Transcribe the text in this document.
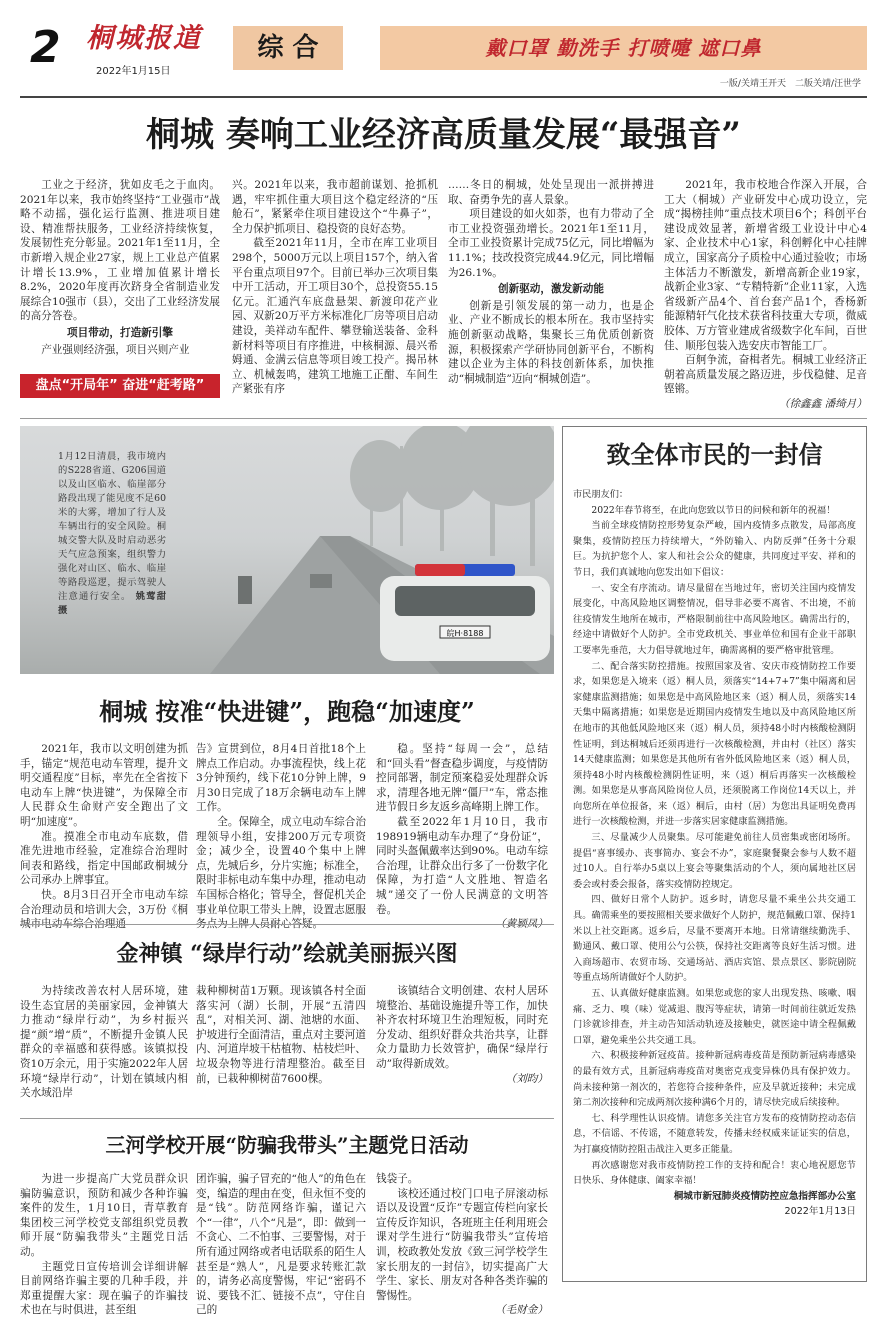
2 桐城报道
2022年1月15日
综 合	戴口罩 勤洗手 打喷嚏 遮口鼻
一版/关靖王开天　二版关靖/汪世学
桐城 奏响工业经济高质量发展“最强音”

工业之于经济，犹如皮毛之于血肉。2021年以来，我市始终坚持“工业强市”战略不动摇，强化运行监测、推进项目建设、精准帮扶服务，工业经济持续恢复，发展韧性充分彰显。2021年1至11月，全市新增入规企业27家，规上工业总产值累计增长13.9%，工业增加值累计增长8.2%，2020年度再次跻身全省制造业发展综合10强市（县），交出了工业经济发展的高分答卷。

项目带动，打造新引擎

产业强则经济强，项目兴则产业

盘点“开局年” 奋进“赶考路”

兴。2021年以来，我市超前谋划、抢抓机遇，牢牢抓住重大项目这个稳定经济的“压舱石”，紧紧牵住项目建设这个“牛鼻子”，全力保护抓项目、稳投资的良好态势。

截至2021年11月，全市在库工业项目298个，5000万元以上项目157个，纳入省平台重点项目97个。目前已举办三次项目集中开工活动，开工项目30个，总投资55.15亿元。汇通汽车底盘悬架、新渡印花产业园、双新20万平方米标准化厂房等项目启动建设，美祥动车配件、攀登输送装备、金科新材料等项目有序推进，中核桐源、晨兴希姆通、金满云信息等项目竣工投产。揭吊林立、机械轰鸣，建筑工地施工正酣、车间生产紧张有序

……冬日的桐城，处处呈现出一派拼搏进取、奋勇争先的喜人景象。

项目建设的如火如荼，也有力带动了全市工业投资强劲增长。2021年1至11月，全市工业投资累计完成75亿元，同比增幅为11.1%；技改投资完成44.9亿元，同比增幅为26.1%。

创新驱动，激发新动能

创新是引领发展的第一动力，也是企业、产业不断成长的根本所在。我市坚持实施创新驱动战略，集聚长三角优质创新资源，积极探索产学研协同创新平台，不断构建以企业为主体的科技创新体系，加快推动“桐城制造”迈向“桐城创造”。

2021年，我市校地合作深入开展，合工大（桐城）产业研发中心成功设立，完成“揭榜挂帅”重点技术项目6个；科创平台建设成效显著，新增省级工业设计中心4家、企业技术中心1家，科创孵化中心挂牌成立，国家高分子质检中心通过验收；市场主体活力不断激发，新增高新企业19家，战新企业3家、“专精特新”企业11家，入选省级新产品4个、首台套产品1个，香杨新能源精轩气化技术获省科技重大专项，微威胶体、万方管业建成省级数字化车间，百世佳、顺彤包装入选安庆市智能工厂。

百舸争流，奋楫者先。桐城工业经济正朝着高质量发展之路迈进，步伐稳健、足音铿锵。

（徐鑫鑫 潘绮月）

皖H·8188
1月12日清晨，我市境内的S228省道、G206国道以及山区临水、临崖部分路段出现了能见度不足60米的大雾，增加了行人及车辆出行的安全风险。桐城交警大队及时启动恶劣天气应急预案，组织警力强化对山区、临水、临崖等路段巡逻，提示驾驶人注意通行安全。 姚莺甜 摄
桐城 按准“快进键”，跑稳“加速度”

2021年，我市以文明创建为抓手，锚定“规范电动车管理，提升文明交通程度”目标，率先在全省按下电动车上牌“快进键”，为保障全市人民群众生命财产安全跑出了文明“加速度”。

准。摸准全市电动车底数，借准先进地市经验，定准综合治理时间表和路线，指定中国邮政桐城分公司承办上牌事宜。

快。8月3日召开全市电动车综合治理动员和培训大会，3万份《桐城市电动车综合治理通

告》宣贯到位，8月4日首批18个上牌点工作启动。办事流程快，线上花3分钟预约，线下花10分钟上牌，9月30日完成了18万余辆电动车上牌工作。

全。保障全，成立电动车综合治理领导小组，安排200万元专项资金；减少全，设置40个集中上牌点，先城后乡，分片实施；标准全，限时非标电动车集中办理，推动电动车国标合格化；管导全，督促机关企事业单位职工带头上牌，设置志愿服务点为上牌人员耐心答疑。

稳。坚持“每周一会”，总结和“回头看”督查稳步调度，与疫情防控同部署，制定预案稳妥处理群众诉求，清理各地无牌“僵尸”车，常态推进节假日乡友返乡高峰期上牌工作。

截至2022年1月10日，我市198919辆电动车办理了“身份证”，同时头盔佩戴率达到90%。电动车综合治理，让群众出行多了一份数字化保障，为打造“人文胜地、智造名城”递交了一份人民满意的文明答卷。

（黄颖凤）

致全体市民的一封信

市民朋友们：

2022年春节将至，在此向您致以节日的问候和新年的祝福！

当前全球疫情防控形势复杂严峻，国内疫情多点散发，局部高度聚集，疫情防控压力持续增大，“外防输入、内防反弹”任务十分艰巨。为抗护您个人、家人和社会公众的健康，共同度过平安、祥和的节日，我们真诚地向您发出如下倡议：

一、安全有序流动。请尽量留在当地过年，密切关注国内疫情发展变化，中高风险地区调整情况，倡导非必要不离省、不出境，不前往疫情发生地所在城市，严格限制前往中高风险地区。确需出行的，经途中请做好个人防护。全市党政机关、事业单位和国有企业干部职工要率先垂范，大力倡导就地过年，确需离桐的要严格审批管理。

二、配合落实防控措施。按照国家及省、安庆市疫情防控工作要求，如果您是入境来（返）桐人员，须落实“14+7+7”集中隔离和居家健康监测措施；如果您是中高风险地区来（返）桐人员，须落实14天集中隔离措施；如果您是近期国内疫情发生地以及中高风险地区所在地市的其他低风险地区来（返）桐人员，须持48小时内核酸检测阴性证明，到达桐城后还须再进行一次核酸检测，并由村（社区）落实14天健康监测；如果您是其他所有省外低风险地区来（返）桐人员，须持48小时内核酸检测阴性证明，来（返）桐后再落实一次核酸检测。如果您是从事高风险岗位人员，还须脱离工作岗位14天以上，并向您所在单位报备，来（返）桐后，由村（居）为您出具证明免费再进行一次核酸检测，并进一步落实居家健康监测措施。

三、尽量减少人员聚集。尽可能避免前往人员密集或密闭场所。提倡“喜事缓办、丧事简办、宴会不办”，家庭聚餐聚会参与人数不超过10人。自行举办5桌以上宴会等聚集活动的个人，须向属地社区居委会或村委会报备，落实疫情防控规定。

四、做好日常个人防护。返乡时，请您尽量不乘坐公共交通工具。确需乘坐的要按照相关要求做好个人防护，规范佩戴口罩、保持1米以上社交距离。返乡后，尽量不要离开本地。日常请继续勤洗手、勤通风、戴口罩、使用公勺公筷，保持社交距离等良好生活习惯。进入商场超市、农贸市场、交通场站、酒店宾馆、景点景区、影院剧院等重点场所请做好个人防护。

五、认真做好健康监测。如果您或您的家人出现发热、咳嗽、咽痛、乏力、嗅（味）觉减退、腹泻等症状，请第一时间前往就近发热门诊就诊排查，并主动告知活动轨迹及接触史，就医途中请全程佩戴口罩，避免乘坐公共交通工具。

六、积极接种新冠疫苗。接种新冠病毒疫苗是预防新冠病毒感染的最有效方式，且新冠病毒疫苗对奥密克戎变异株仍具有保护效力。尚未接种第一剂次的，若您符合接种条件，应及早就近接种；未完成第二剂次接种和完成两剂次接种满6个月的，请尽快完成后续接种。

七、科学理性认识疫情。请您多关注官方发布的疫情防控动态信息，不信谣、不传谣，不随意转发，传播未经权威来证证实的信息，为打赢疫情防控阻击战注入更多正能量。

再次感谢您对我市疫情防控工作的支持和配合！衷心地祝愿您节日快乐、身体健康、阖家幸福！

桐城市新冠肺炎疫情防控应急指挥部办公室

2022年1月13日

金神镇 “绿岸行动”绘就美丽振兴图

为持续改善农村人居环境，建设生态宜居的美丽家园，金神镇大力推动“绿岸行动”，为乡村振兴提“颜”增“质”，不断提升金镇人民群众的幸福感和获得感。该镇拟投资10万余元，用于实施2022年人居环境“绿岸行动”，计划在镇域内相关水域沿岸

栽种柳树苗1万颗。现该镇各村全面落实河（湖）长制，开展“五清四乱”，对相关河、湖、池塘的水面、护坡进行全面清洁，重点对主要河道内、河道岸坡干枯植物、枯枝烂叶、垃圾杂物等进行清理整治。截至目前，已栽种柳树苗7600棵。

该镇结合文明创建、农村人居环境整治、基础设施提升等工作，加快补齐农村环境卫生治理短板，同时充分发动、组织好群众共治共享，让群众力量助力长效管护，确保“绿岸行动”取得新成效。

（刘昀）

三河学校开展“防骗我带头”主题党日活动

为进一步提高广大党员群众识骗防骗意识，预防和减少各种诈骗案件的发生，1月10日，青草教育集团校三河学校党支部组织党员教师开展“防骗我带头”主题党日活动。

主题党日宣传培训会详细讲解目前网络诈骗主要的几种手段，并郑重提醒大家：现在骗子的诈骗技术也在与时俱进，甚至组

团诈骗，骗子冒充的“他人”的角色在变，编造的理由在变，但永恒不变的是“钱”。防范网络诈骗，谨记六个“一律”，八个“凡是”，即：做到一不贪心、二不怕事、三要警惕，对于所有通过网络或者电话联系的陌生人甚至是“熟人”，凡是要求转账汇款的，请务必高度警惕，牢记“密码不说、要钱不汇、链接不点”，守住自己的

钱袋子。

该校还通过校门口电子屏滚动标语以及设置“反诈”专题宣传栏向家长宣传反诈知识，各班班主任利用班会课对学生进行“防骗我带头”宣传培训，校政教处发放《致三河学校学生家长朋友的一封信》，切实提高广大学生、家长、朋友对各种各类诈骗的警惕性。

（毛财金）
